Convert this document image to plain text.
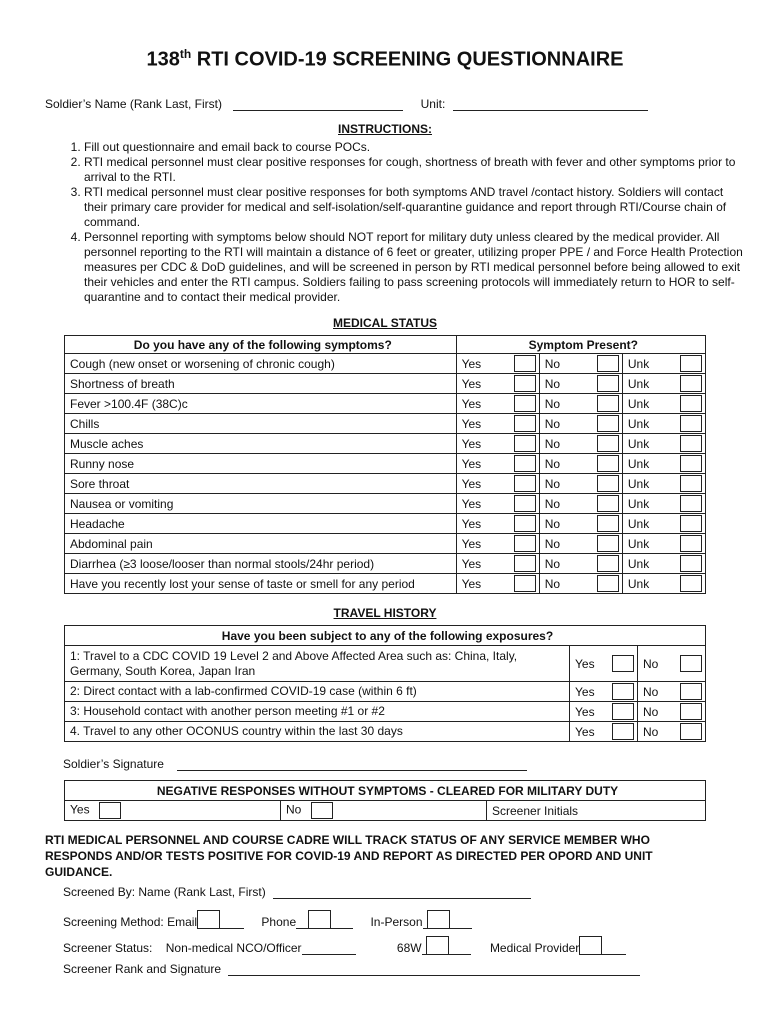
138th RTI COVID-19 SCREENING QUESTIONNAIRE
Soldier’s Name (Rank Last, First)	Unit:
INSTRUCTIONS:
1. Fill out questionnaire and email back to course POCs.
2. RTI medical personnel must clear positive responses for cough, shortness of breath with fever and other symptoms prior to arrival to the RTI.
3. RTI medical personnel must clear positive responses for both symptoms AND travel /contact history. Soldiers will contact their primary care provider for medical and self-isolation/self-quarantine guidance and report through RTI/Course chain of command.
4. Personnel reporting with symptoms below should NOT report for military duty unless cleared by the medical provider. All personnel reporting to the RTI will maintain a distance of 6 feet or greater, utilizing proper PPE / and Force Health Protection measures per CDC & DoD guidelines, and will be screened in person by RTI medical personnel before being allowed to exit their vehicles and enter the RTI campus. Soldiers failing to pass screening protocols will immediately return to HOR to self-quarantine and to contact their medical provider.
MEDICAL STATUS
Do you have any of the following symptoms?	Symptom Present?		
Cough (new onset or worsening of chronic cough)	Yes	No	Unk

Shortness of breath	Yes	No	Unk

Fever >100.4F (38C)c	Yes	No	Unk

Chills	Yes	No	Unk

Muscle aches	Yes	No	Unk

Runny nose	Yes	No	Unk

Sore throat	Yes	No	Unk

Nausea or vomiting	Yes	No	Unk

Headache	Yes	No	Unk

Abdominal pain	Yes	No	Unk

Diarrhea (≥3 loose/looser than normal stools/24hr period)	Yes	No	Unk

Have you recently lost your sense of taste or smell for any period	Yes	No	Unk
TRAVEL HISTORY
Have you been subject to any of the following exposures?		
1: Travel to a CDC COVID 19 Level 2 and Above Affected Area such as: China, Italy, Germany, South Korea, Japan Iran	Yes	No

2: Direct contact with a lab-confirmed COVID-19 case (within 6 ft)	Yes	No

3: Household contact with another person meeting #1 or #2	Yes	No

4. Travel to any other OCONUS country within the last 30 days	Yes	No
Soldier’s Signature
NEGATIVE RESPONSES WITHOUT SYMPTOMS - CLEARED FOR MILITARY DUTY
Yes	No	Screener Initials
RTI MEDICAL PERSONNEL AND COURSE CADRE WILL TRACK STATUS OF ANY SERVICE MEMBER WHO RESPONDS AND/OR TESTS POSITIVE FOR COVID-19 AND REPORT AS DIRECTED PER OPORD AND UNIT GUIDANCE.
Screened By: Name (Rank Last, First)
Screening Method: Email	Phone	In-Person
Screener Status: Non-medical NCO/Officer	68W	Medical Provider
Screener Rank and Signature
